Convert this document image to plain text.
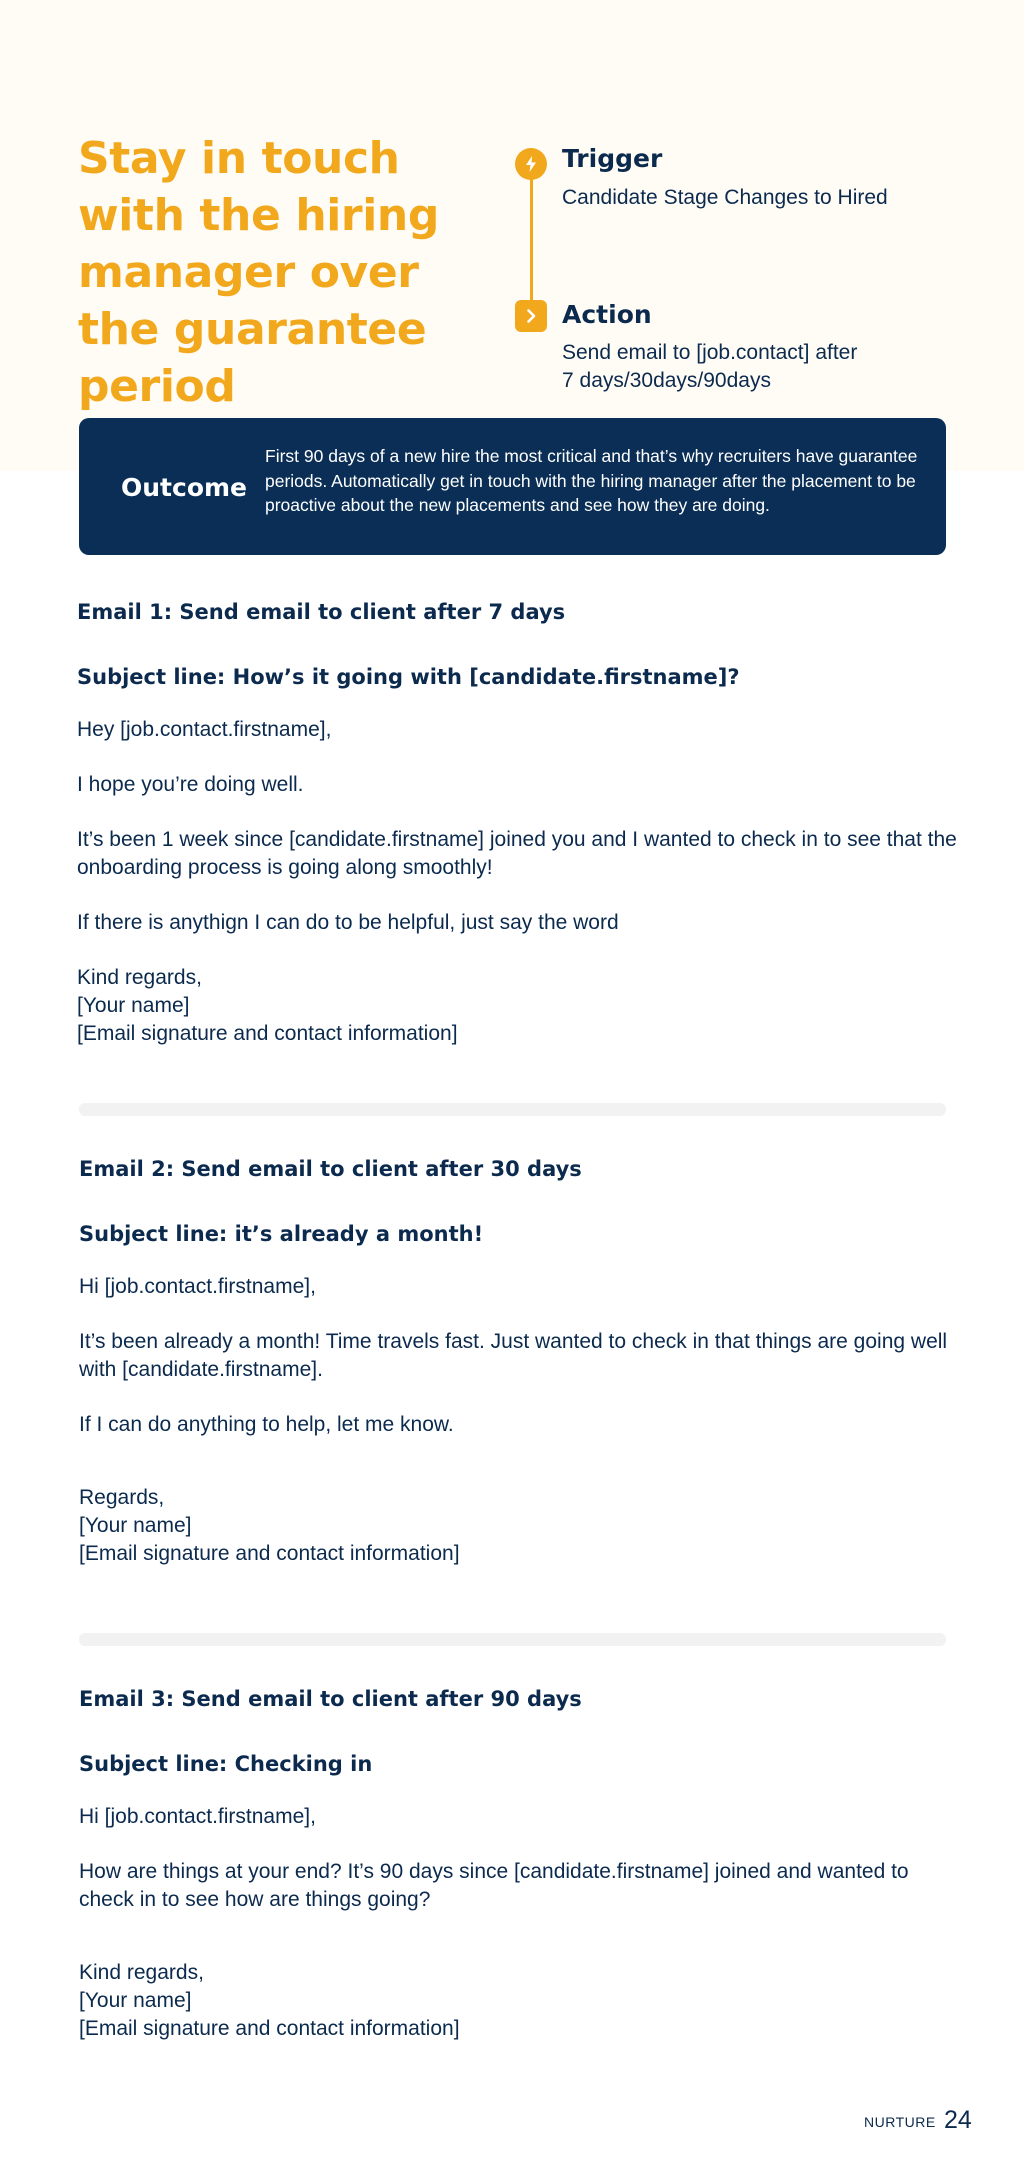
Stay in touch with the hiring manager over the guarantee period
Trigger

Candidate Stage Changes to Hired

Action

Send email to [job.contact] after

7 days/30days/90days

Outcome

First 90 days of a new hire the most critical and that’s why recruiters have guarantee periods. Automatically get in touch with the hiring manager after the placement to be proactive about the new placements and see how they are doing.

Email 1: Send email to client after 7 days
Subject line: How’s it going with [candidate.firstname]?

Hey [job.contact.firstname],

I hope you’re doing well.

It’s been 1 week since [candidate.firstname] joined you and I wanted to check in to see that the onboarding process is going along smoothly!

If there is anythign I can do to be helpful, just say the word

Kind regards,

[Your name]

[Email signature and contact information]

Email 2: Send email to client after 30 days
Subject line: it’s already a month!

Hi [job.contact.firstname],

It’s been already a month! Time travels fast. Just wanted to check in that things are going well with [candidate.firstname].

If I can do anything to help, let me know.

Regards,

[Your name]

[Email signature and contact information]

Email 3: Send email to client after 90 days
Subject line: Checking in

Hi [job.contact.firstname],

How are things at your end? It’s 90 days since [candidate.firstname] joined and wanted to check in to see how are things going?

Kind regards,

[Your name]

[Email signature and contact information]

NURTURE 24
